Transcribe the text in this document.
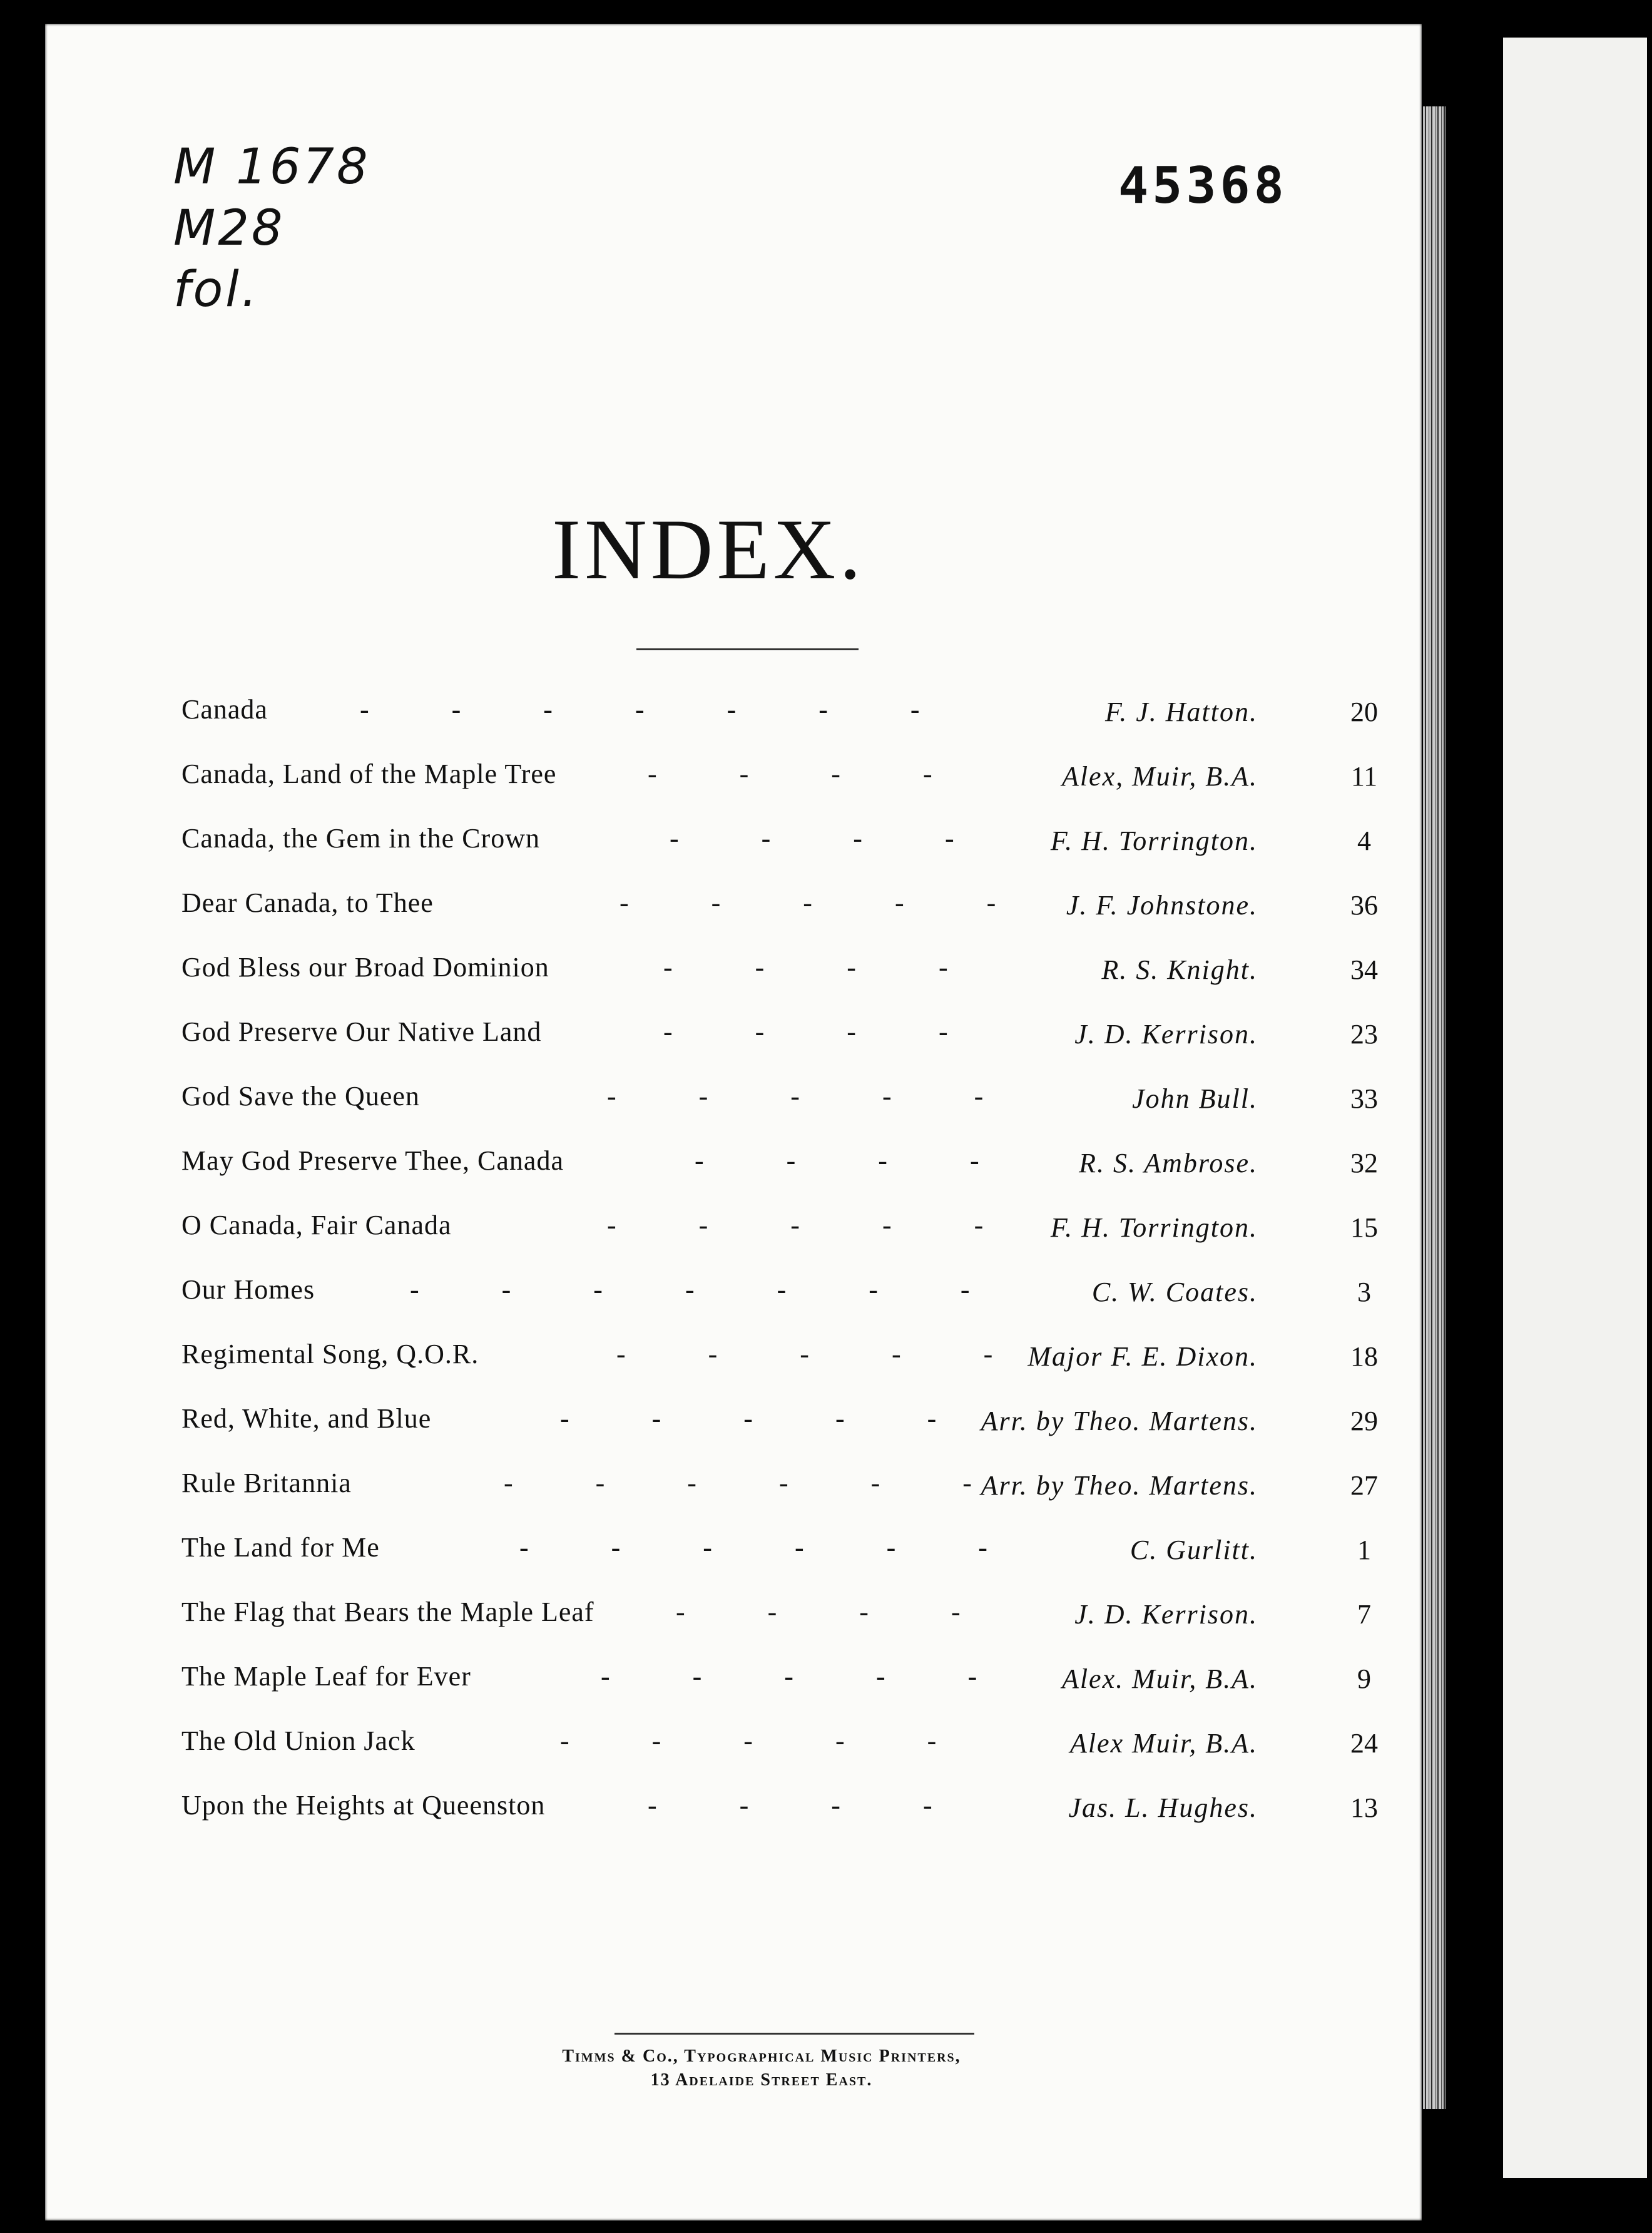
M 1678
M28
fol.
45368
INDEX.
Canada	-   -   -   -   -   -   -	F. J. Hatton.	20
Canada, Land of the Maple Tree	-   -   -   -	Alex, Muir, B.A.	11
Canada, the Gem in the Crown	-   -   -   -	F. H. Torrington.	4
Dear Canada, to Thee	-   -   -   -   -	J. F. Johnstone.	36
God Bless our Broad Dominion	-   -   -   -	R. S. Knight.	34
God Preserve Our Native Land	-   -   -   -	J. D. Kerrison.	23
God Save the Queen	-   -   -   -   -	John Bull.	33
May God Preserve Thee, Canada	-   -   -   -	R. S. Ambrose.	32
O Canada, Fair Canada	-   -   -   -   - F. H. Torrington.	15
Our Homes	-   -   -   -   -   -   -	C. W. Coates.	3
Regimental Song, Q.O.R.	-   -   -   -   - Major F. E. Dixon.	18
Red, White, and Blue	-   -   -   -   - Arr. by Theo. Martens.	29
Rule Britannia	-   -   -   -   -   - Arr. by Theo. Martens.	27
The Land for Me	-   -   -   -   -   -	C. Gurlitt.	1
The Flag that Bears the Maple Leaf	-   -   -   -	J. D. Kerrison.	7
The Maple Leaf for Ever	-   -   -   -   -	Alex. Muir, B.A.	9
The Old Union Jack	-   -   -   -   -	Alex Muir, B.A.	24
Upon the Heights at Queenston	-   -   -   -	Jas. L. Hughes.	13
Timms & Co., Typographical Music Printers,
13 Adelaide Street East.
